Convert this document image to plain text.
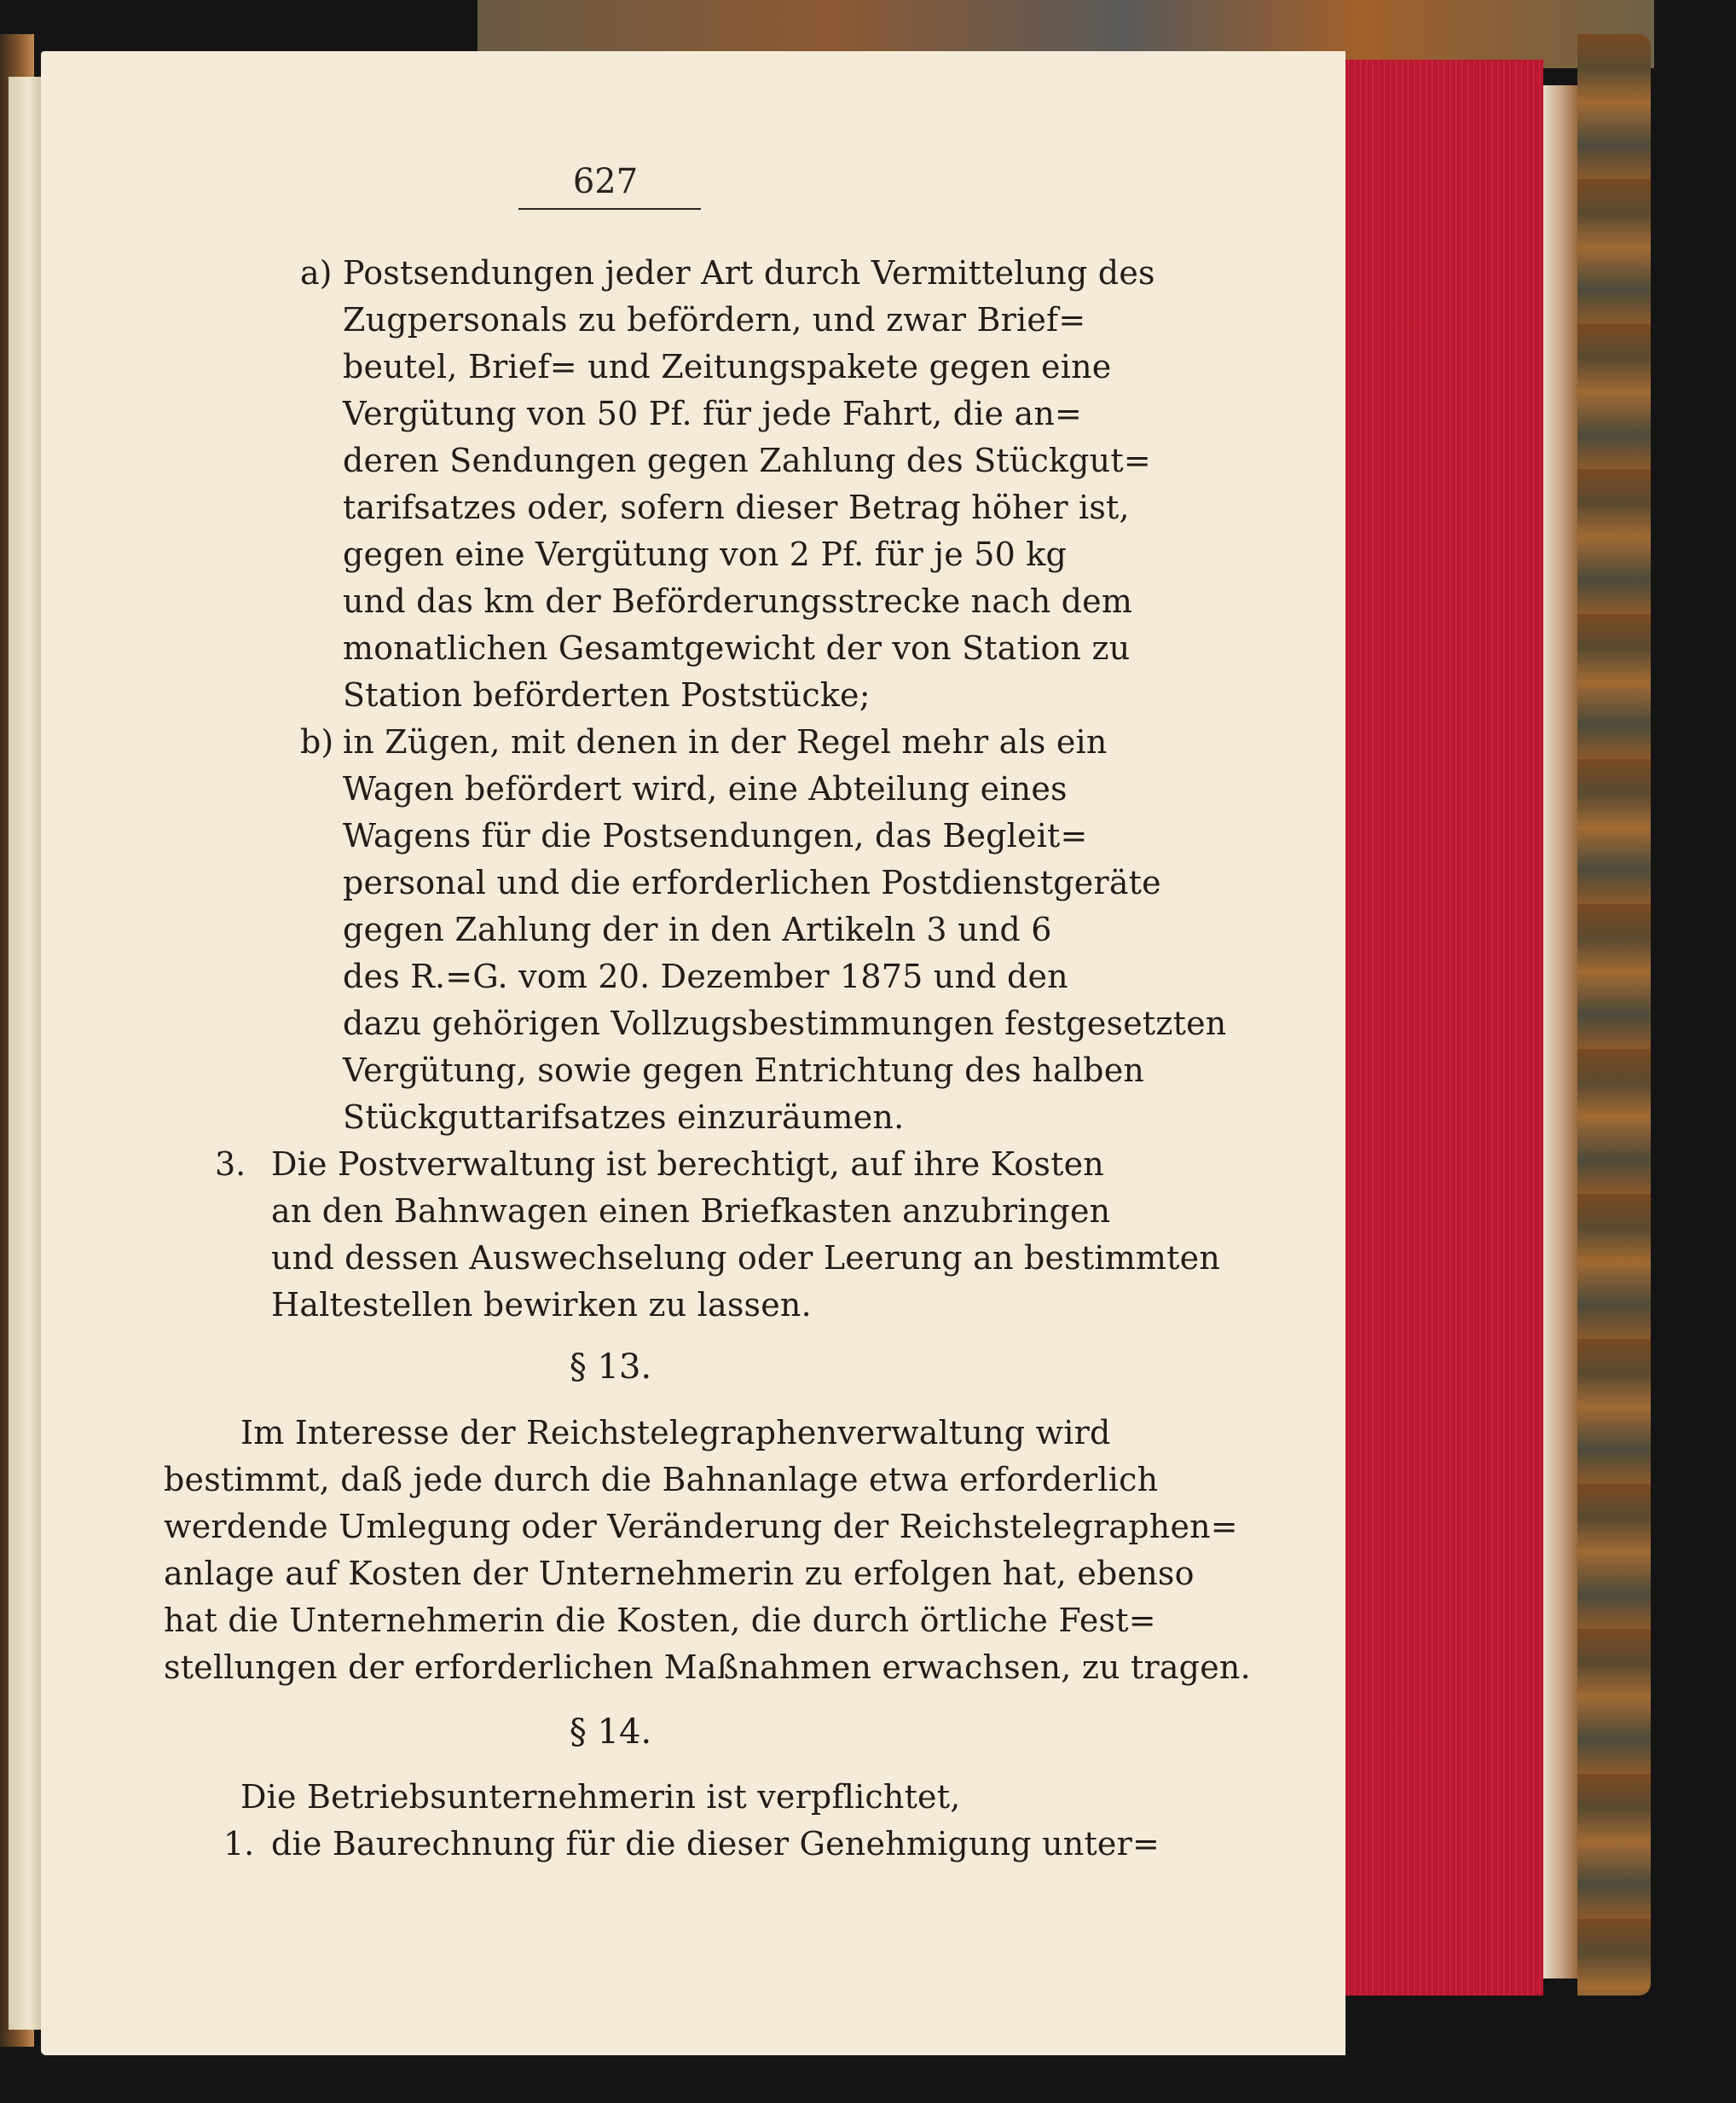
627
a) Postsendungen jeder Art durch Vermittelung des
Zugpersonals zu befördern, und zwar Brief=
beutel, Brief= und Zeitungspakete gegen eine
Vergütung von 50 Pf. für jede Fahrt, die an=
deren Sendungen gegen Zahlung des Stückgut=
tarifsatzes oder, sofern dieser Betrag höher ist,
gegen eine Vergütung von 2 Pf. für je 50 kg
und das km der Beförderungsstrecke nach dem
monatlichen Gesamtgewicht der von Station zu
Station beförderten Poststücke;
b) in Zügen, mit denen in der Regel mehr als ein
Wagen befördert wird, eine Abteilung eines
Wagens für die Postsendungen, das Begleit=
personal und die erforderlichen Postdienstgeräte
gegen Zahlung der in den Artikeln 3 und 6
des R.=G. vom 20. Dezember 1875 und den
dazu gehörigen Vollzugsbestimmungen festgesetzten
Vergütung, sowie gegen Entrichtung des halben
Stückguttarifsatzes einzuräumen.
3. Die Postverwaltung ist berechtigt, auf ihre Kosten
an den Bahnwagen einen Briefkasten anzubringen
und dessen Auswechselung oder Leerung an bestimmten
Haltestellen bewirken zu lassen.
§ 13.
Im Interesse der Reichstelegraphenverwaltung wird
bestimmt, daß jede durch die Bahnanlage etwa erforderlich
werdende Umlegung oder Veränderung der Reichstelegraphen=
anlage auf Kosten der Unternehmerin zu erfolgen hat, ebenso
hat die Unternehmerin die Kosten, die durch örtliche Fest=
stellungen der erforderlichen Maßnahmen erwachsen, zu tragen.
§ 14.
Die Betriebsunternehmerin ist verpflichtet,
1. die Baurechnung für die dieser Genehmigung unter=
